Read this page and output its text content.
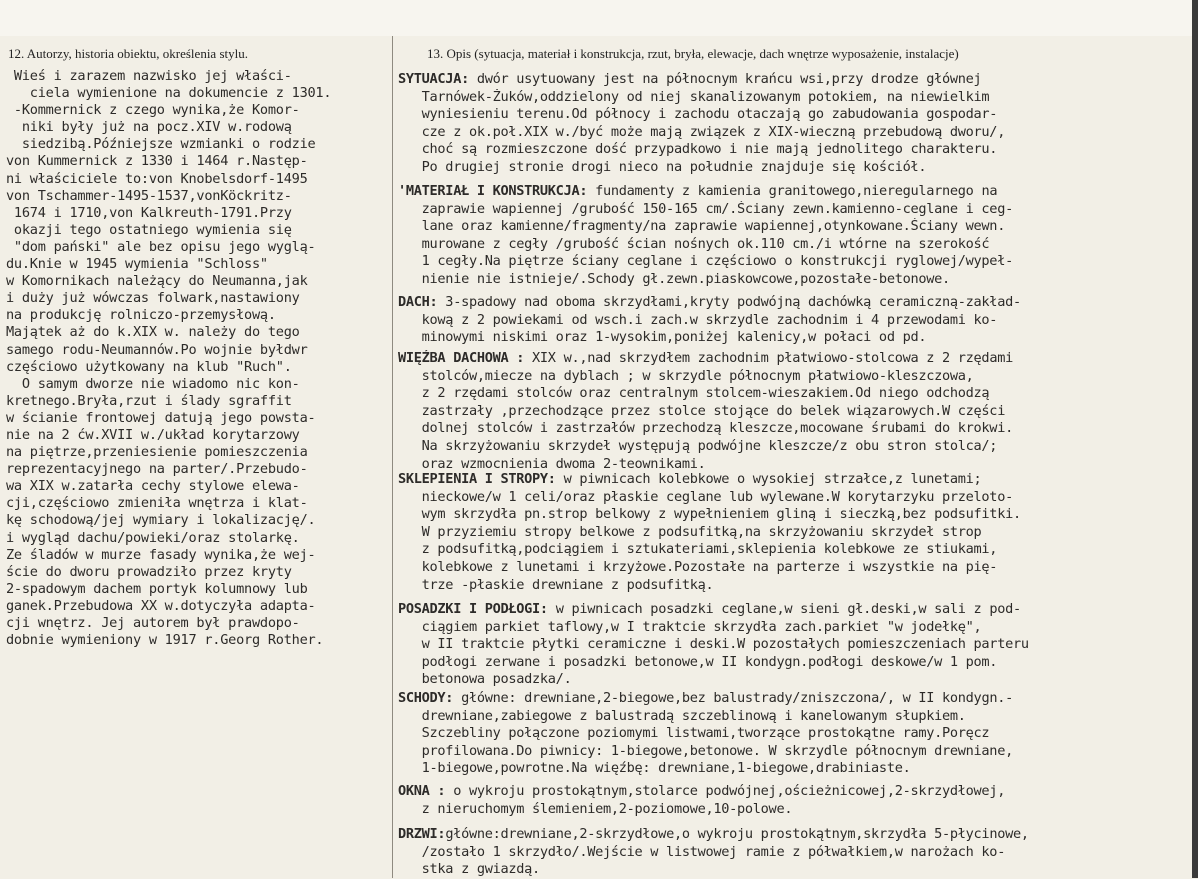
12. Autorzy, historia obiektu, określenia stylu.	13. Opis (sytuacja, materiał i konstrukcja, rzut, bryła, elewacje, dach wnętrze wyposażenie, instalacje)
Wieś i zarazem nazwisko jej właści-
ciela wymienione na dokumencie z 1301.
-Kommernick z czego wynika,że Komor-
niki były już na pocz.XIV w.rodową
siedzibą.Późniejsze wzmianki o rodzie
von Kummernick z 1330 i 1464 r.Następ-
ni właściciele to:von Knobelsdorf-1495
von Tschammer-1495-1537,vonKöckritz-
1674 i 1710,von Kalkreuth-1791.Przy
okazji tego ostatniego wymienia się
"dom pański" ale bez opisu jego wyglą-
du.Knie w 1945 wymienia "Schloss"
w Komornikach należący do Neumanna,jak
i duży już wówczas folwark,nastawiony
na produkcję rolniczo-przemysłową.
Majątek aż do k.XIX w. należy do tego
samego rodu-Neumannów.Po wojnie byłdwr
częściowo użytkowany na klub "Ruch".
O samym dworze nie wiadomo nic kon-
kretnego.Bryła,rzut i ślady sgraffit
w ścianie frontowej datują jego powsta-
nie na 2 ćw.XVII w./układ korytarzowy
na piętrze,przeniesienie pomieszczenia
reprezentacyjnego na parter/.Przebudo-
wa XIX w.zatarła cechy stylowe elewa-
cji,częściowo zmieniła wnętrza i klat-
kę schodową/jej wymiary i lokalizację/.
i wygląd dachu/powieki/oraz stolarkę.
Ze śladów w murze fasady wynika,że wej-
ście do dworu prowadziło przez kryty
2-spadowym dachem portyk kolumnowy lub
ganek.Przebudowa XX w.dotyczyła adapta-
cji wnętrz. Jej autorem był prawdopo-
dobnie wymieniony w 1917 r.Georg Rother.
SYTUACJA: dwór usytuowany jest na północnym krańcu wsi,przy drodze głównej
Tarnówek-Żuków,oddzielony od niej skanalizowanym potokiem, na niewielkim
wyniesieniu terenu.Od północy i zachodu otaczają go zabudowania gospodar-
cze z ok.poł.XIX w./być może mają związek z XIX-wieczną przebudową dworu/,
choć są rozmieszczone dość przypadkowo i nie mają jednolitego charakteru.
Po drugiej stronie drogi nieco na południe znajduje się kościół.
'MATERIAŁ I KONSTRUKCJA: fundamenty z kamienia granitowego,nieregularnego na
zaprawie wapiennej /grubość 150-165 cm/.Ściany zewn.kamienno-ceglane i ceg-
lane oraz kamienne/fragmenty/na zaprawie wapiennej,otynkowane.Ściany wewn.
murowane z cegły /grubość ścian nośnych ok.110 cm./i wtórne na szerokość
1 cegły.Na piętrze ściany ceglane i częściowo o konstrukcji ryglowej/wypeł-
nienie nie istnieje/.Schody gł.zewn.piaskowcowe,pozostałe-betonowe.
DACH: 3-spadowy nad oboma skrzydłami,kryty podwójną dachówką ceramiczną-zakład-
kową z 2 powiekami od wsch.i zach.w skrzydle zachodnim i 4 przewodami ko-
minowymi niskimi oraz 1-wysokim,poniżej kalenicy,w połaci od pd.
WIĘŹBA DACHOWA : XIX w.,nad skrzydłem zachodnim płatwiowo-stolcowa z 2 rzędami
stolców,miecze na dyblach ; w skrzydle północnym płatwiowo-kleszczowa,
z 2 rzędami stolców oraz centralnym stolcem-wieszakiem.Od niego odchodzą
zastrzały ,przechodzące przez stolce stojące do belek wiązarowych.W części
dolnej stolców i zastrzałów przechodzą kleszcze,mocowane śrubami do krokwi.
Na skrzyżowaniu skrzydeł występują podwójne kleszcze/z obu stron stolca/;
oraz wzmocnienia dwoma 2-teownikami.
SKLEPIENIA I STROPY: w piwnicach kolebkowe o wysokiej strzałce,z lunetami;
nieckowe/w 1 celi/oraz płaskie ceglane lub wylewane.W korytarzyku przeloto-
wym skrzydła pn.strop belkowy z wypełnieniem gliną i sieczką,bez podsufitki.
W przyziemiu stropy belkowe z podsufitką,na skrzyżowaniu skrzydeł strop
z podsufitką,podciągiem i sztukateriami,sklepienia kolebkowe ze stiukami,
kolebkowe z lunetami i krzyżowe.Pozostałe na parterze i wszystkie na pię-
trze -płaskie drewniane z podsufitką.
POSADZKI I PODŁOGI: w piwnicach posadzki ceglane,w sieni gł.deski,w sali z pod-
ciągiem parkiet taflowy,w I traktcie skrzydła zach.parkiet "w jodełkę",
w II traktcie płytki ceramiczne i deski.W pozostałych pomieszczeniach parteru
podłogi zerwane i posadzki betonowe,w II kondygn.podłogi deskowe/w 1 pom.
betonowa posadzka/.
SCHODY: główne: drewniane,2-biegowe,bez balustrady/zniszczona/, w II kondygn.-
drewniane,zabiegowe z balustradą szczeblinową i kanelowanym słupkiem.
Szczebliny połączone poziomymi listwami,tworzące prostokątne ramy.Poręcz
profilowana.Do piwnicy: 1-biegowe,betonowe. W skrzydle północnym drewniane,
1-biegowe,powrotne.Na więźbę: drewniane,1-biegowe,drabiniaste.
OKNA : o wykroju prostokątnym,stolarce podwójnej,ościeżnicowej,2-skrzydłowej,
z nieruchomym ślemieniem,2-poziomowe,10-polowe.
DRZWI:główne:drewniane,2-skrzydłowe,o wykroju prostokątnym,skrzydła 5-płycinowe,
/zostało 1 skrzydło/.Wejście w listwowej ramie z półwałkiem,w narożach ko-
stka z gwiazdą.
